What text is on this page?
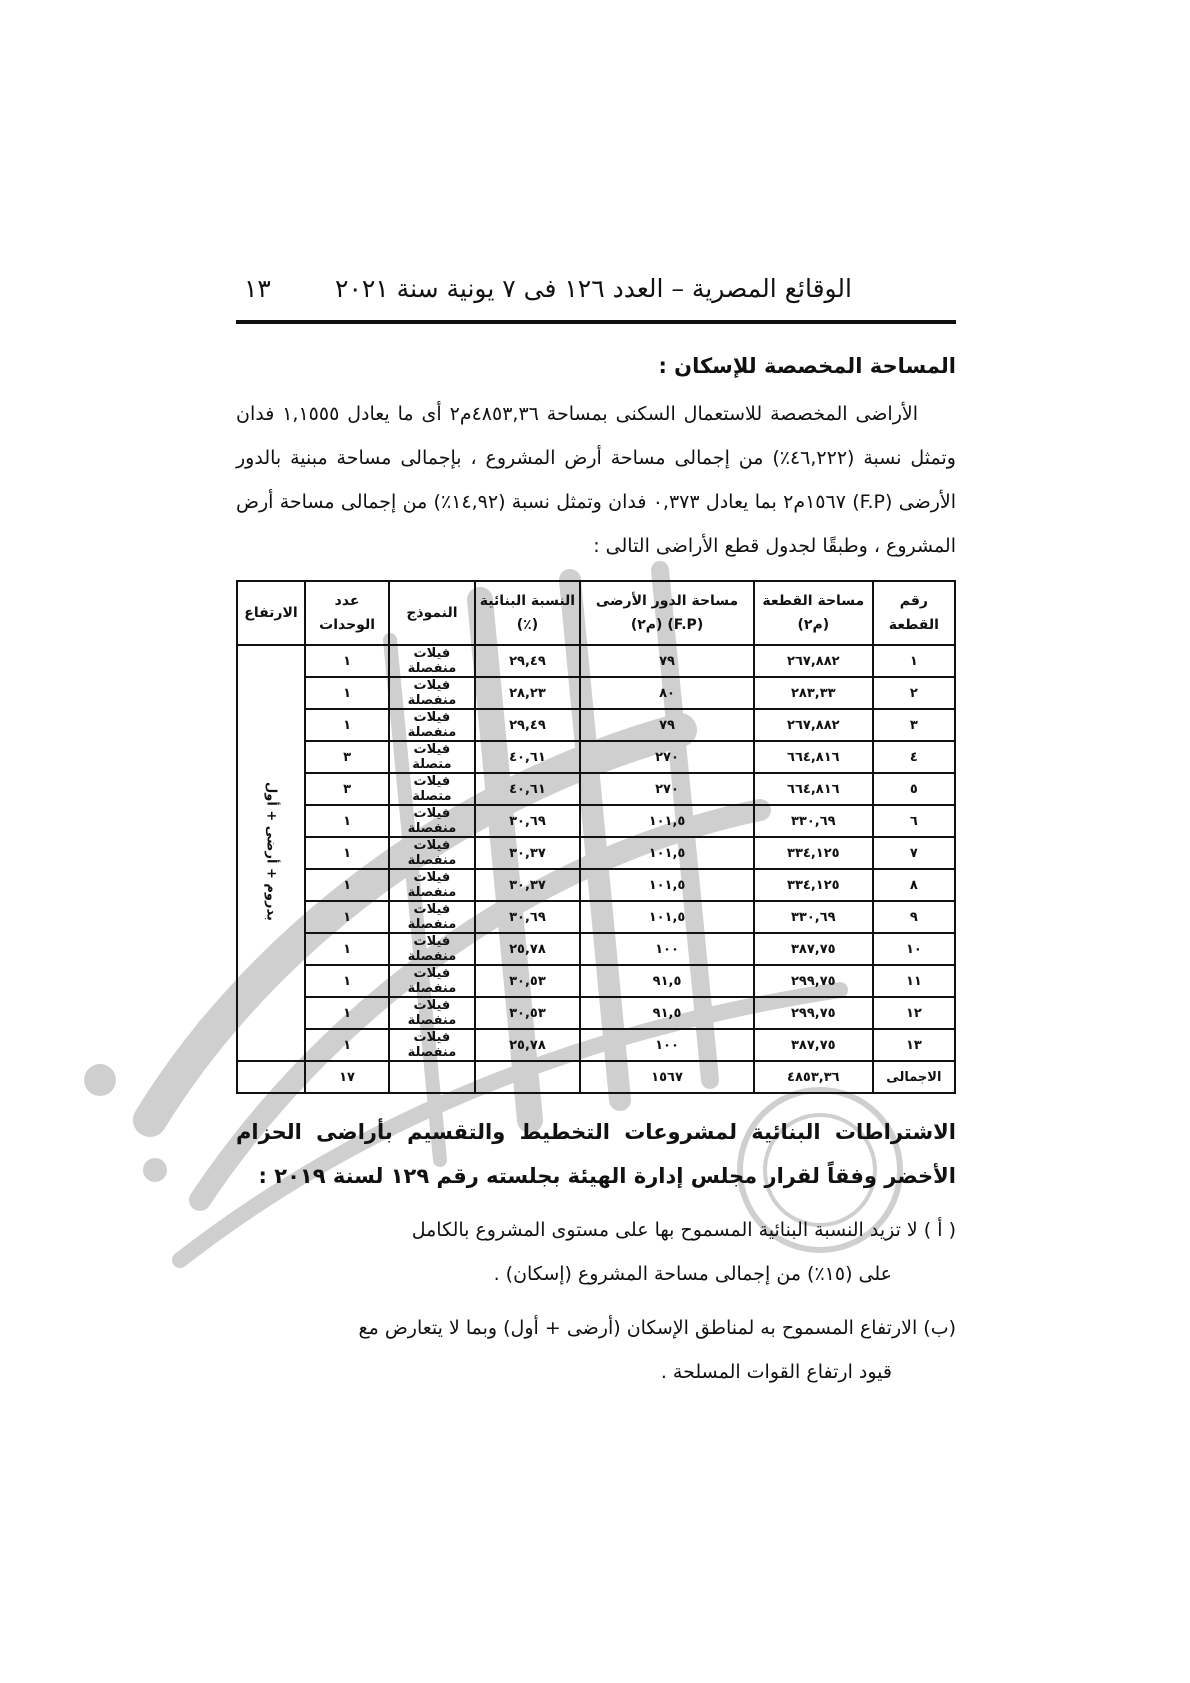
الوقائع المصرية – العدد ١٢٦ فى ٧ يونية سنة ٢٠٢١
١٣
المساحة المخصصة للإسكان :
الأراضى المخصصة للاستعمال السكنى بمساحة ٤٨٥٣,٣٦م٢ أى ما يعادل ١,١٥٥٥ فدان وتمثل نسبة (٤٦,٢٢٢٪) من إجمالى مساحة أرض المشروع ، بإجمالى مساحة مبنية بالدور الأرضى (F.P) ١٥٦٧م٢ بما يعادل ٠,٣٧٣ فدان وتمثل نسبة (١٤,٩٢٪) من إجمالى مساحة أرض المشروع ، وطبقًا لجدول قطع الأراضى التالى :
رقم القطعة	مساحة القطعة (م٢)	مساحة الدور الأرضى (F.P) (م٢)	النسبة البنائية (٪)	النموذج	عدد الوحدات	الارتفاع
١	٢٦٧,٨٨٢	٧٩	٢٩,٤٩	فيلات منفصلة	١	بدروم + أرضى + أول
٢	٢٨٣,٣٣	٨٠	٢٨,٢٣	فيلات منفصلة	١	
٣	٢٦٧,٨٨٢	٧٩	٢٩,٤٩	فيلات منفصلة	١	
٤	٦٦٤,٨١٦	٢٧٠	٤٠,٦١	فيلات متصلة	٣	
٥	٦٦٤,٨١٦	٢٧٠	٤٠,٦١	فيلات متصلة	٣	
٦	٣٣٠,٦٩	١٠١,٥	٣٠,٦٩	فيلات منفصلة	١	
٧	٣٣٤,١٢٥	١٠١,٥	٣٠,٣٧	فيلات منفصلة	١	
٨	٣٣٤,١٢٥	١٠١,٥	٣٠,٣٧	فيلات منفصلة	١	
٩	٣٣٠,٦٩	١٠١,٥	٣٠,٦٩	فيلات منفصلة	١	
١٠	٣٨٧,٧٥	١٠٠	٢٥,٧٨	فيلات منفصلة	١	
١١	٢٩٩,٧٥	٩١,٥	٣٠,٥٣	فيلات منفصلة	١	
١٢	٢٩٩,٧٥	٩١,٥	٣٠,٥٣	فيلات منفصلة	١	
١٣	٣٨٧,٧٥	١٠٠	٢٥,٧٨	فيلات منفصلة	١	
الاجمالى	٤٨٥٣,٣٦	١٥٦٧			١٧	
الاشتراطات البنائية لمشروعات التخطيط والتقسيم بأراضى الحزام الأخضر وفقاً لقرار مجلس إدارة الهيئة بجلسته رقم ١٢٩ لسنة ٢٠١٩ :
( أ ) لا تزيد النسبة البنائية المسموح بها على مستوى المشروع بالكامل
على (١٥٪) من إجمالى مساحة المشروع (إسكان) .
(ب) الارتفاع المسموح به لمناطق الإسكان (أرضى + أول) وبما لا يتعارض مع
قيود ارتفاع القوات المسلحة .
